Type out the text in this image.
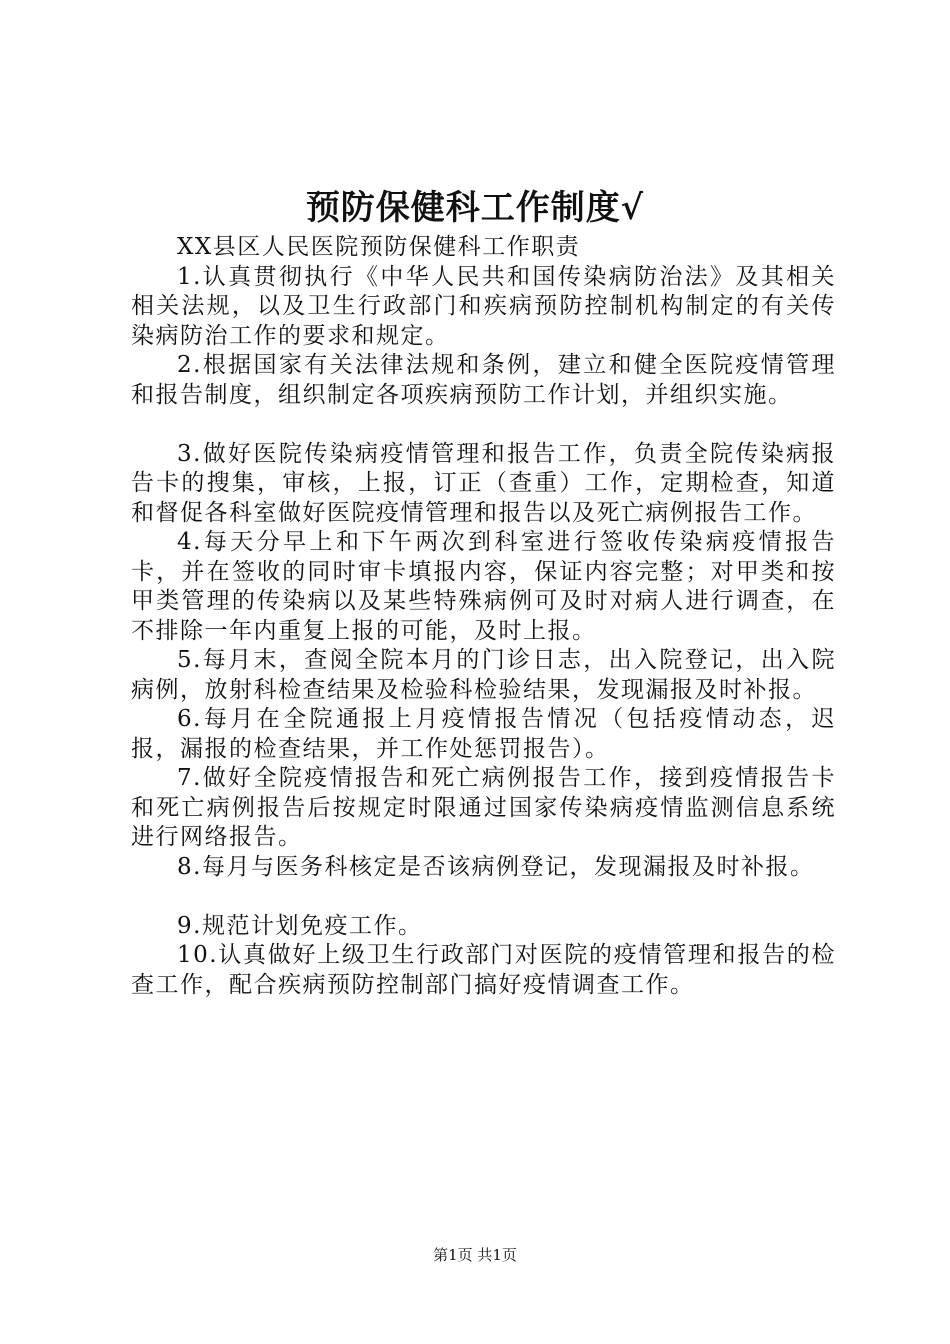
预防保健科工作制度√

XX县区人民医院预防保健科工作职责

1.认真贯彻执行《中华人民共和国传染病防治法》及其相关相关法规，以及卫生行政部门和疾病预防控制机构制定的有关传染病防治工作的要求和规定。

2.根据国家有关法律法规和条例，建立和健全医院疫情管理和报告制度，组织制定各项疾病预防工作计划，并组织实施。

3.做好医院传染病疫情管理和报告工作，负责全院传染病报告卡的搜集，审核，上报，订正（查重）工作，定期检查，知道和督促各科室做好医院疫情管理和报告以及死亡病例报告工作。

4.每天分早上和下午两次到科室进行签收传染病疫情报告卡，并在签收的同时审卡填报内容，保证内容完整；对甲类和按甲类管理的传染病以及某些特殊病例可及时对病人进行调查，在不排除一年内重复上报的可能，及时上报。

5.每月末，查阅全院本月的门诊日志，出入院登记，出入院病例，放射科检查结果及检验科检验结果，发现漏报及时补报。

6.每月在全院通报上月疫情报告情况（包括疫情动态，迟报，漏报的检查结果，并工作处惩罚报告）。

7.做好全院疫情报告和死亡病例报告工作，接到疫情报告卡和死亡病例报告后按规定时限通过国家传染病疫情监测信息系统进行网络报告。

8.每月与医务科核定是否该病例登记，发现漏报及时补报。

9.规范计划免疫工作。

10.认真做好上级卫生行政部门对医院的疫情管理和报告的检查工作，配合疾病预防控制部门搞好疫情调查工作。

第1页 共1页
